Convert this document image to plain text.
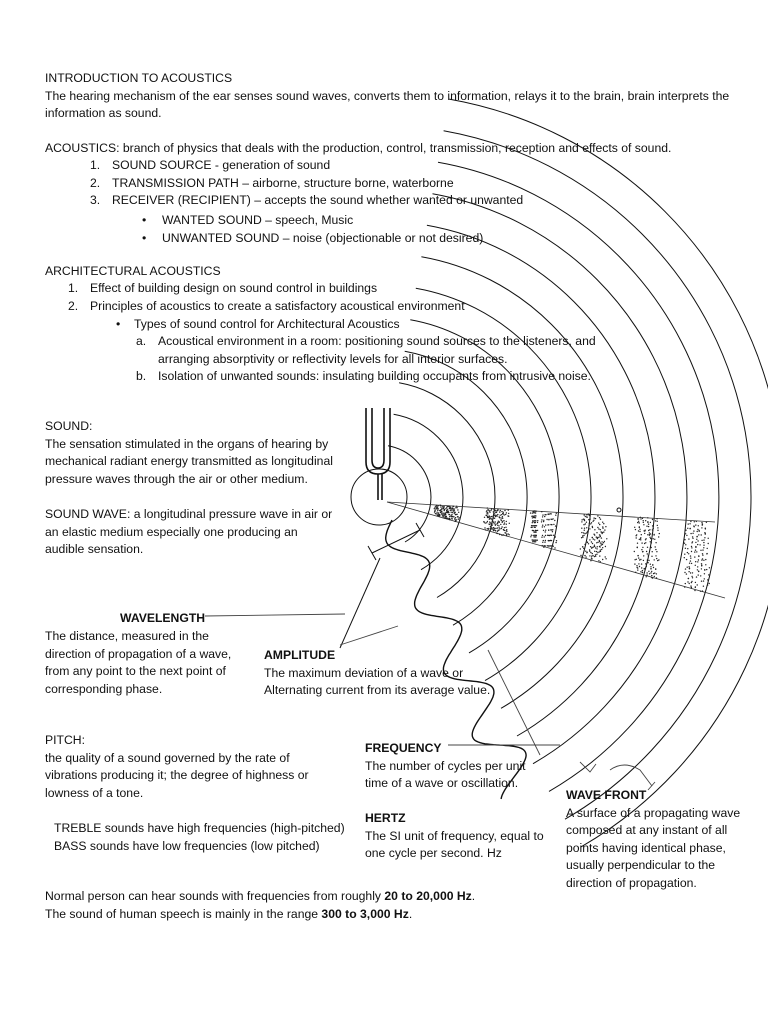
INTRODUCTION TO ACOUSTICS

The hearing mechanism of the ear senses sound waves, converts them to information, relays it to the brain, brain interprets the information as sound.

ACOUSTICS: branch of physics that deals with the production, control, transmission, reception and effects of sound.

1. SOUND SOURCE - generation of sound
2. TRANSMISSION PATH – airborne, structure borne, waterborne
3. RECEIVER (RECIPIENT) – accepts the sound whether wanted or unwanted
• WANTED SOUND – speech, Music
• UNWANTED SOUND – noise (objectionable or not desired)

ARCHITECTURAL ACOUSTICS

1. Effect of building design on sound control in buildings
2. Principles of acoustics to create a satisfactory acoustical environment
• Types of sound control for Architectural Acoustics
a. Acoustical environment in a room: positioning sound sources to the listeners, and arranging absorptivity or reflectivity levels for all interior surfaces.
b. Isolation of unwanted sounds: insulating building occupants from intrusive noise.

SOUND:

The sensation stimulated in the organs of hearing by mechanical radiant energy transmitted as longitudinal pressure waves through the air or other medium.

SOUND WAVE: a longitudinal pressure wave in air or an elastic medium especially one producing an audible sensation.

WAVELENGTH

The distance, measured in the direction of propagation of a wave, from any point to the next point of corresponding phase.

AMPLITUDE

The maximum deviation of a wave or Alternating current from its average value.

PITCH:

the quality of a sound governed by the rate of vibrations producing it; the degree of highness or lowness of a tone.

TREBLE sounds have high frequencies (high-pitched)

BASS sounds have low frequencies (low pitched)

FREQUENCY

The number of cycles per unit time of a wave or oscillation.

HERTZ

The SI unit of frequency, equal to one cycle per second. Hz

WAVE FRONT

A surface of a propagating wave composed at any instant of all points having identical phase, usually perpendicular to the direction of propagation.

Normal person can hear sounds with frequencies from roughly 20 to 20,000 Hz.

The sound of human speech is mainly in the range 300 to 3,000 Hz.
